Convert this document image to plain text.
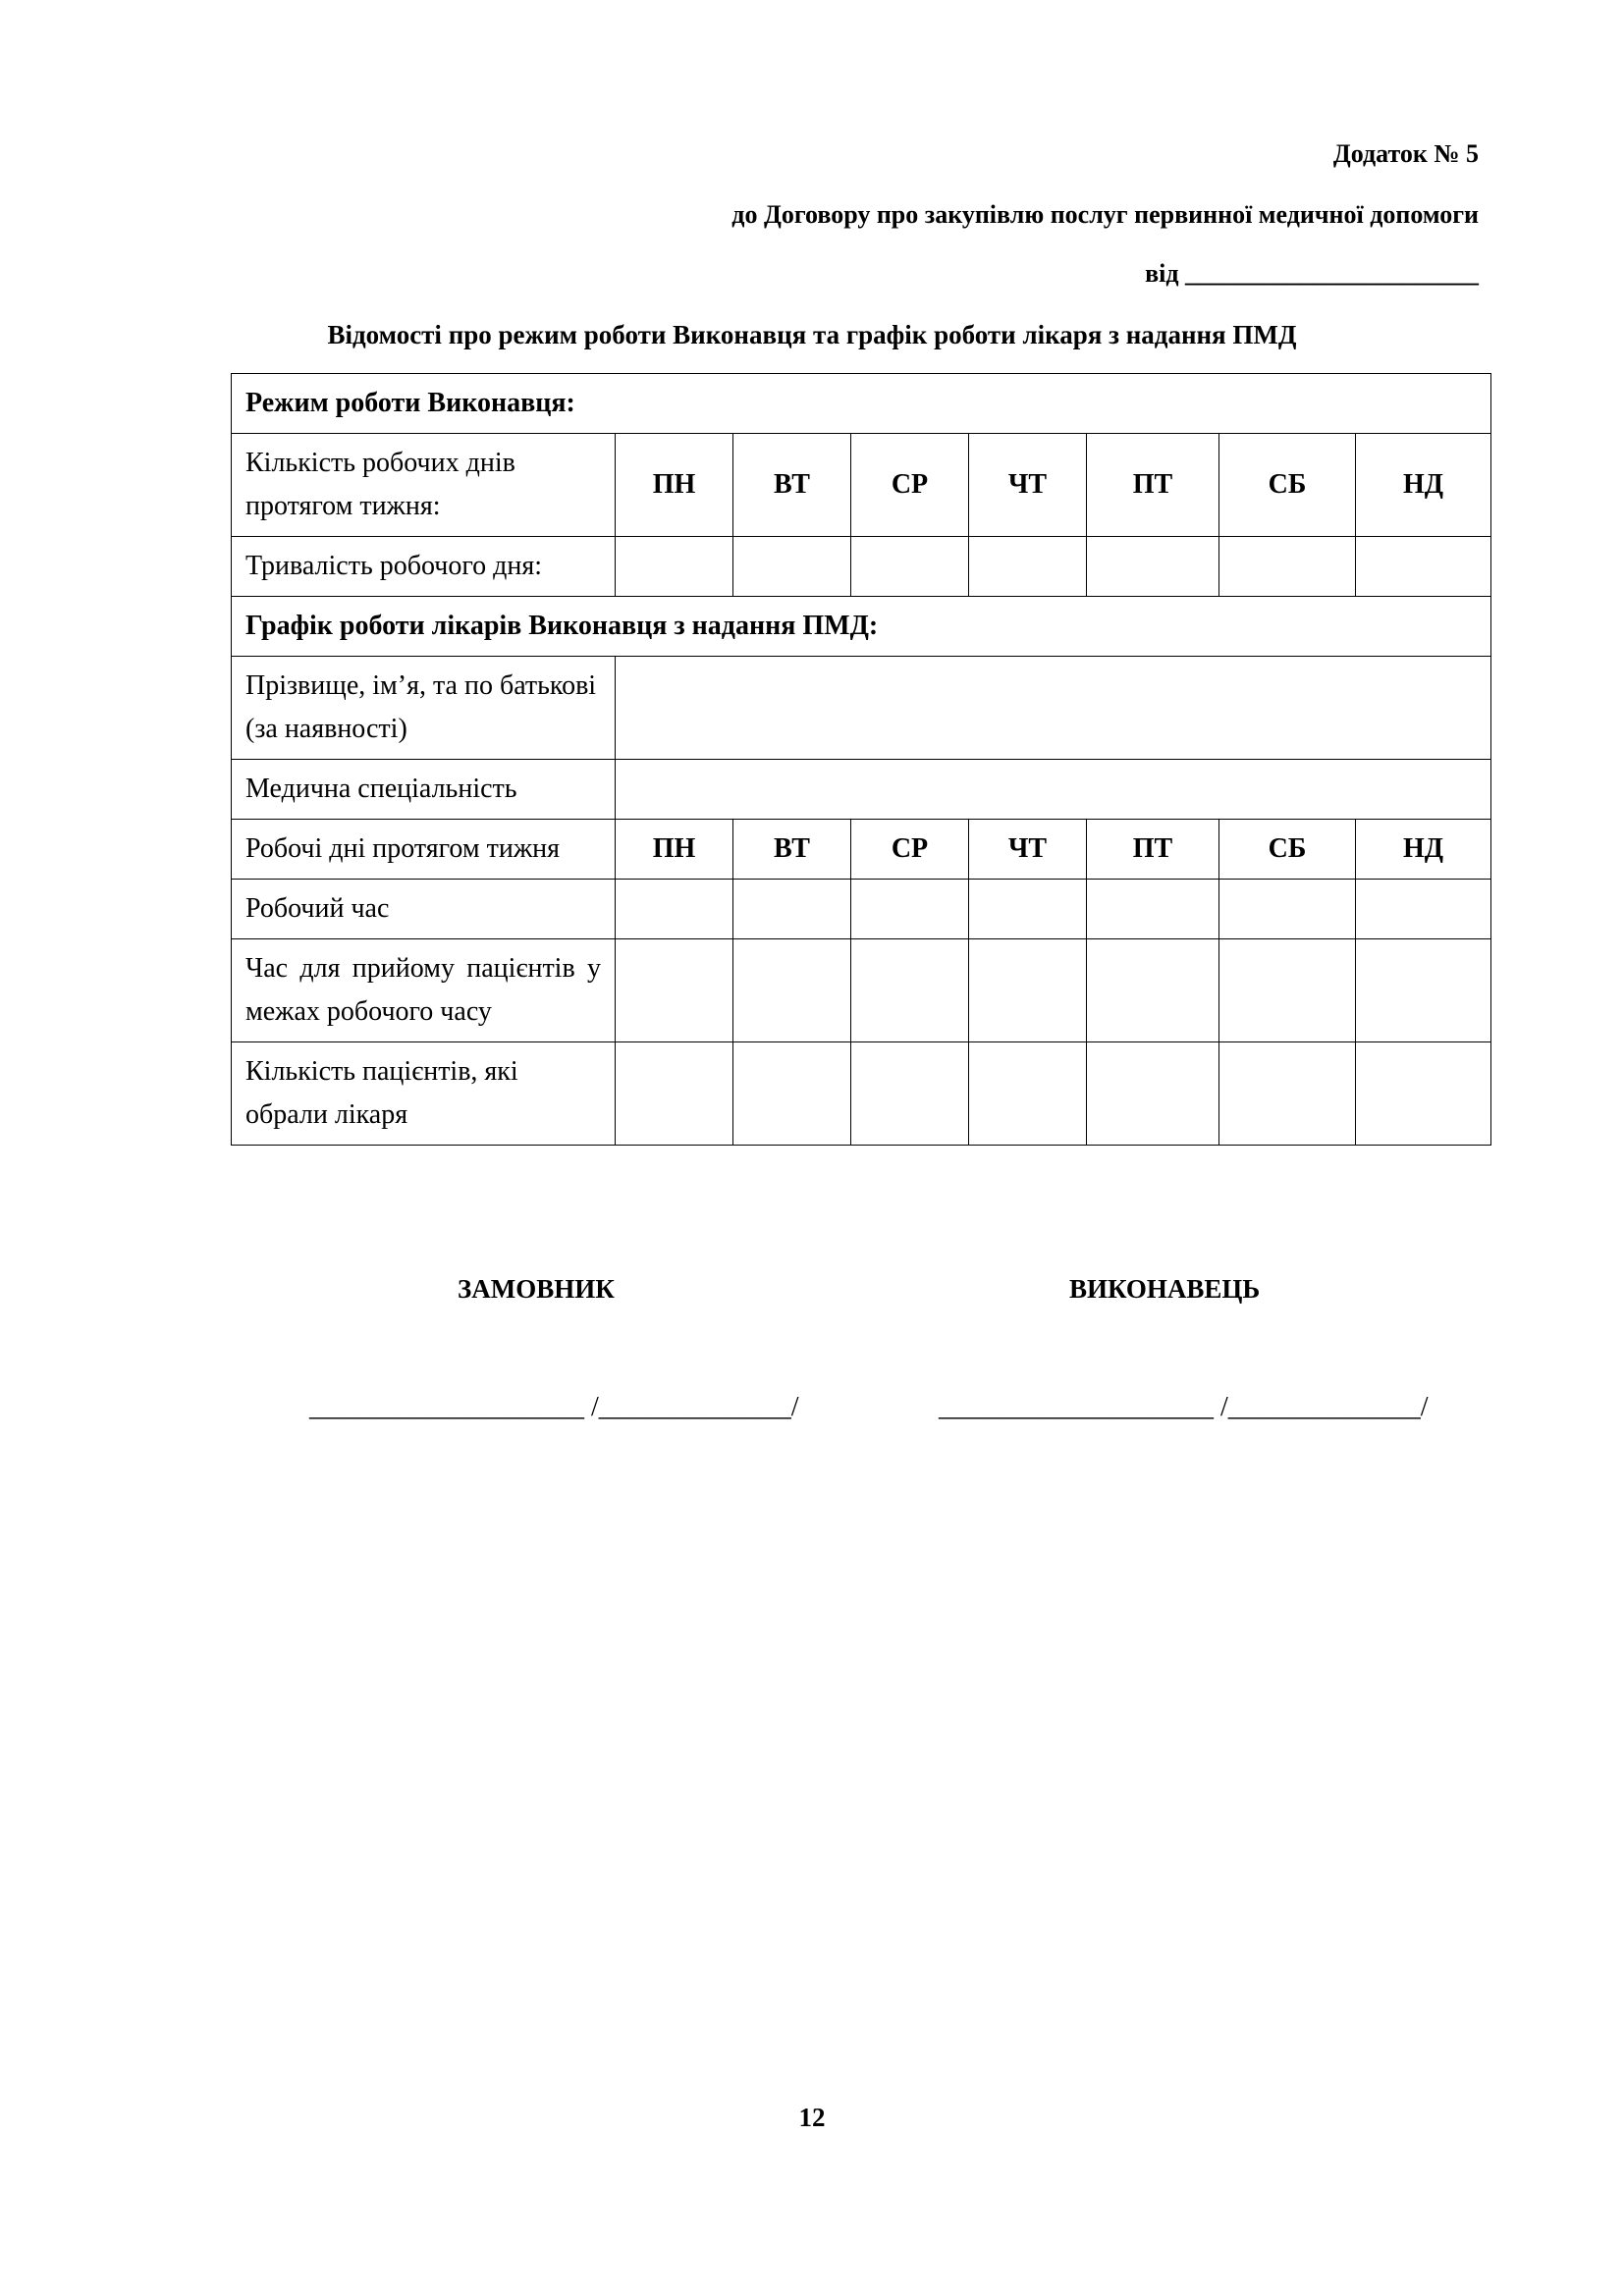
Додаток № 5
до Договору про закупівлю послуг первинної медичної допомоги
від _______________________
Відомості про режим роботи Виконавця та графік роботи лікаря з надання ПМД
Режим роботи Виконавця:							
Кількість робочих днів протягом тижня:	ПН	ВТ	СР	ЧТ	ПТ	СБ	НД
Тривалість робочого дня:							
Графік роботи лікарів Виконавця з надання ПМД:							
Прізвище, ім’я, та по батькові (за наявності)							
Медична спеціальність							
Робочі дні протягом тижня	ПН	ВТ	СР	ЧТ	ПТ	СБ	НД
Робочий час							
Час для прийому пацієнтів у межах робочого часу							
Кількість пацієнтів, які обрали лікаря							
ЗАМОВНИК	ВИКОНАВЕЦЬ
____________________ /______________/	____________________ /______________/
12
